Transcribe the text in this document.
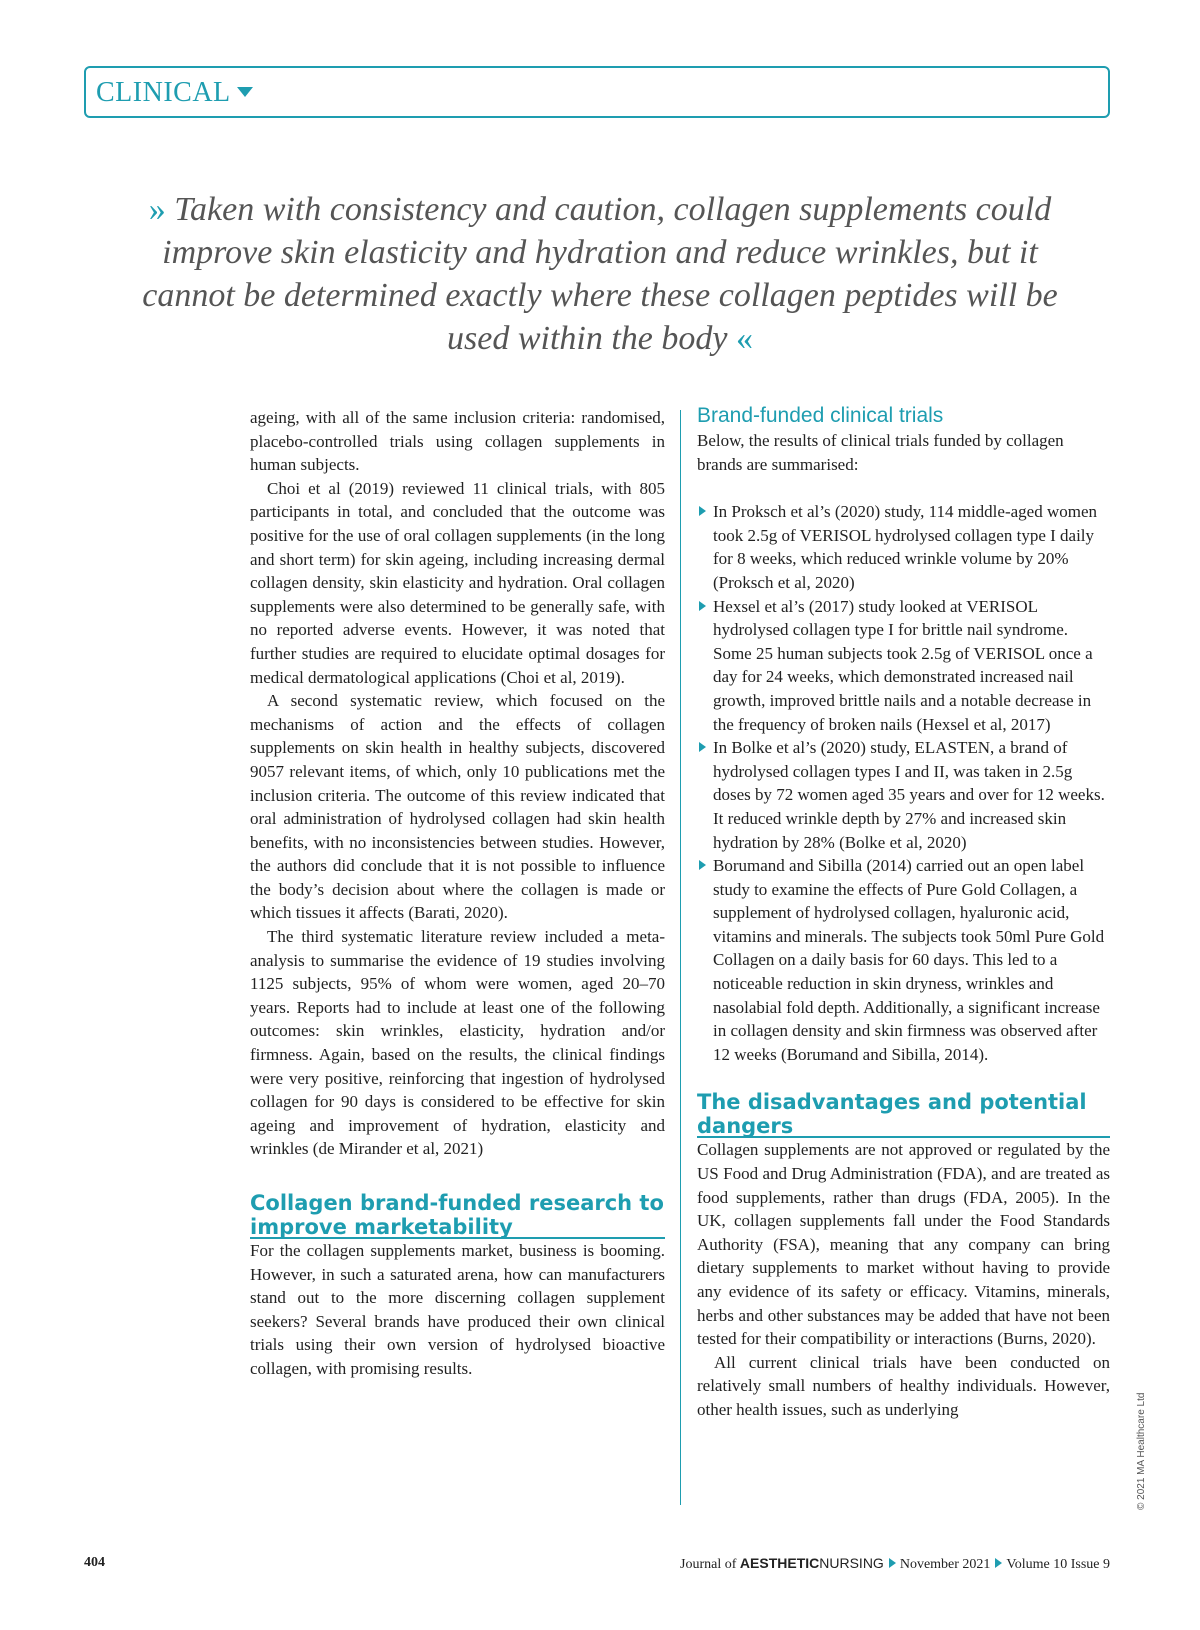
CLINICAL
» Taken with consistency and caution, collagen supplements could improve skin elasticity and hydration and reduce wrinkles, but it cannot be determined exactly where these collagen peptides will be used within the body «

ageing, with all of the same inclusion criteria: randomised, placebo-controlled trials using collagen supplements in human subjects.

Choi et al (2019) reviewed 11 clinical trials, with 805 participants in total, and concluded that the outcome was positive for the use of oral collagen supplements (in the long and short term) for skin ageing, including increasing dermal collagen density, skin elasticity and hydration. Oral collagen supplements were also determined to be generally safe, with no reported adverse events. However, it was noted that further studies are required to elucidate optimal dosages for medical dermatological applications (Choi et al, 2019).

A second systematic review, which focused on the mechanisms of action and the effects of collagen supplements on skin health in healthy subjects, discovered 9057 relevant items, of which, only 10 publications met the inclusion criteria. The outcome of this review indicated that oral administration of hydrolysed collagen had skin health benefits, with no inconsistencies between studies. However, the authors did conclude that it is not possible to influence the body’s decision about where the collagen is made or which tissues it affects (Barati, 2020).

The third systematic literature review included a meta-analysis to summarise the evidence of 19 studies involving 1125 subjects, 95% of whom were women, aged 20–70 years. Reports had to include at least one of the following outcomes: skin wrinkles, elasticity, hydration and/or firmness. Again, based on the results, the clinical findings were very positive, reinforcing that ingestion of hydrolysed collagen for 90 days is considered to be effective for skin ageing and improvement of hydration, elasticity and wrinkles (de Mirander et al, 2021)

Collagen brand-funded research to improve marketability

For the collagen supplements market, business is booming. However, in such a saturated arena, how can manufacturers stand out to the more discerning collagen supplement seekers? Several brands have produced their own clinical trials using their own version of hydrolysed bioactive collagen, with promising results.

Brand-funded clinical trials

Below, the results of clinical trials funded by collagen brands are summarised:

In Proksch et al’s (2020) study, 114 middle-aged women took 2.5g of VERISOL hydrolysed collagen type I daily for 8 weeks, which reduced wrinkle volume by 20% (Proksch et al, 2020)
Hexsel et al’s (2017) study looked at VERISOL hydrolysed collagen type I for brittle nail syndrome. Some 25 human subjects took 2.5g of VERISOL once a day for 24 weeks, which demonstrated increased nail growth, improved brittle nails and a notable decrease in the frequency of broken nails (Hexsel et al, 2017)
In Bolke et al’s (2020) study, ELASTEN, a brand of hydrolysed collagen types I and II, was taken in 2.5g doses by 72 women aged 35 years and over for 12 weeks. It reduced wrinkle depth by 27% and increased skin hydration by 28% (Bolke et al, 2020)
Borumand and Sibilla (2014) carried out an open label study to examine the effects of Pure Gold Collagen, a supplement of hydrolysed collagen, hyaluronic acid, vitamins and minerals. The subjects took 50ml Pure Gold Collagen on a daily basis for 60 days. This led to a noticeable reduction in skin dryness, wrinkles and nasolabial fold depth. Additionally, a significant increase in collagen density and skin firmness was observed after 12 weeks (Borumand and Sibilla, 2014).
The disadvantages and potential dangers

Collagen supplements are not approved or regulated by the US Food and Drug Administration (FDA), and are treated as food supplements, rather than drugs (FDA, 2005). In the UK, collagen supplements fall under the Food Standards Authority (FSA), meaning that any company can bring dietary supplements to market without having to provide any evidence of its safety or efficacy. Vitamins, minerals, herbs and other substances may be added that have not been tested for their compatibility or interactions (Burns, 2020).

All current clinical trials have been conducted on relatively small numbers of healthy individuals. However, other health issues, such as underlying

404	Journal of AESTHETICNURSING November 2021 Volume 10 Issue 9
© 2021 MA Healthcare Ltd
